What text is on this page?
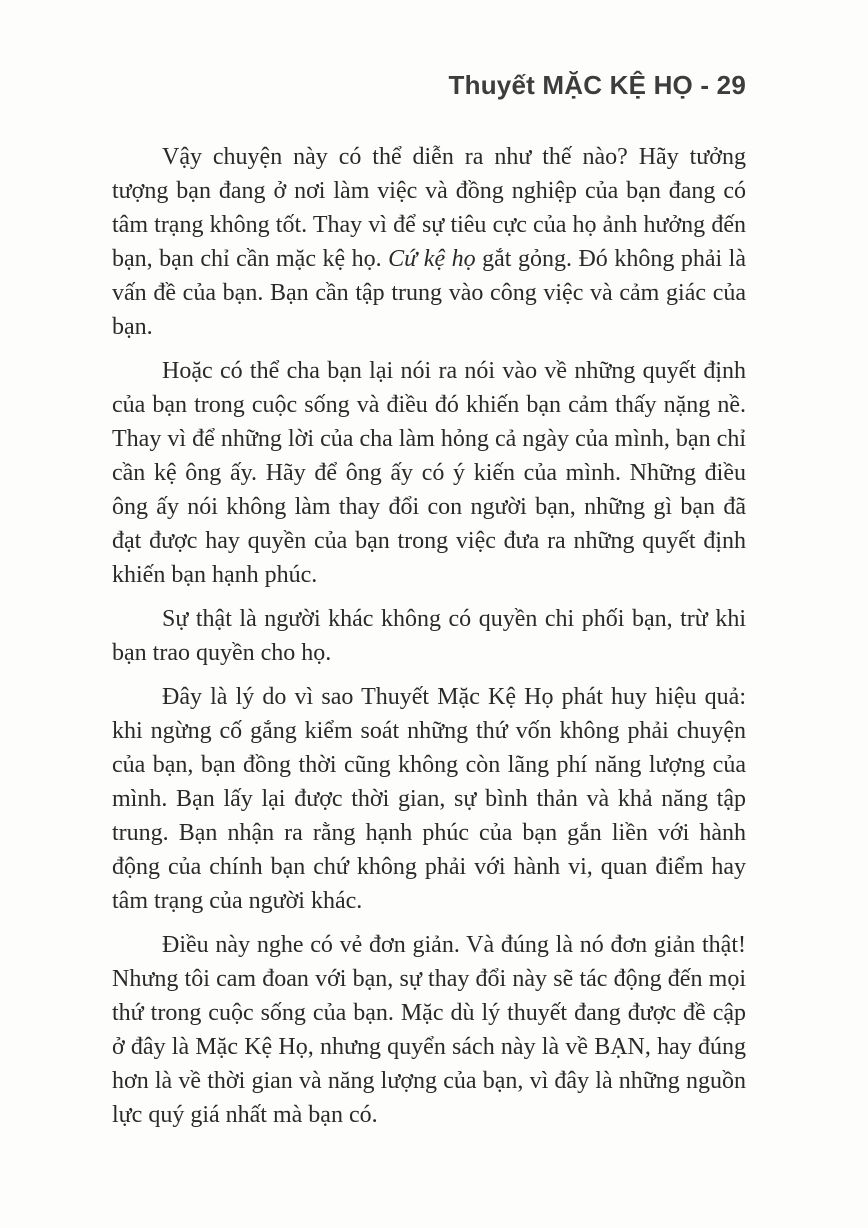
Thuyết MẶC KỆ HỌ - 29

Vậy chuyện này có thể diễn ra như thế nào? Hãy tưởng tượng bạn đang ở nơi làm việc và đồng nghiệp của bạn đang có tâm trạng không tốt. Thay vì để sự tiêu cực của họ ảnh hưởng đến bạn, bạn chỉ cần mặc kệ họ. Cứ kệ họ gắt gỏng. Đó không phải là vấn đề của bạn. Bạn cần tập trung vào công việc và cảm giác của bạn.

Hoặc có thể cha bạn lại nói ra nói vào về những quyết định của bạn trong cuộc sống và điều đó khiến bạn cảm thấy nặng nề. Thay vì để những lời của cha làm hỏng cả ngày của mình, bạn chỉ cần kệ ông ấy. Hãy để ông ấy có ý kiến của mình. Những điều ông ấy nói không làm thay đổi con người bạn, những gì bạn đã đạt được hay quyền của bạn trong việc đưa ra những quyết định khiến bạn hạnh phúc.

Sự thật là người khác không có quyền chi phối bạn, trừ khi bạn trao quyền cho họ.

Đây là lý do vì sao Thuyết Mặc Kệ Họ phát huy hiệu quả: khi ngừng cố gắng kiểm soát những thứ vốn không phải chuyện của bạn, bạn đồng thời cũng không còn lãng phí năng lượng của mình. Bạn lấy lại được thời gian, sự bình thản và khả năng tập trung. Bạn nhận ra rằng hạnh phúc của bạn gắn liền với hành động của chính bạn chứ không phải với hành vi, quan điểm hay tâm trạng của người khác.

Điều này nghe có vẻ đơn giản. Và đúng là nó đơn giản thật! Nhưng tôi cam đoan với bạn, sự thay đổi này sẽ tác động đến mọi thứ trong cuộc sống của bạn. Mặc dù lý thuyết đang được đề cập ở đây là Mặc Kệ Họ, nhưng quyển sách này là về BẠN, hay đúng hơn là về thời gian và năng lượng của bạn, vì đây là những nguồn lực quý giá nhất mà bạn có.
